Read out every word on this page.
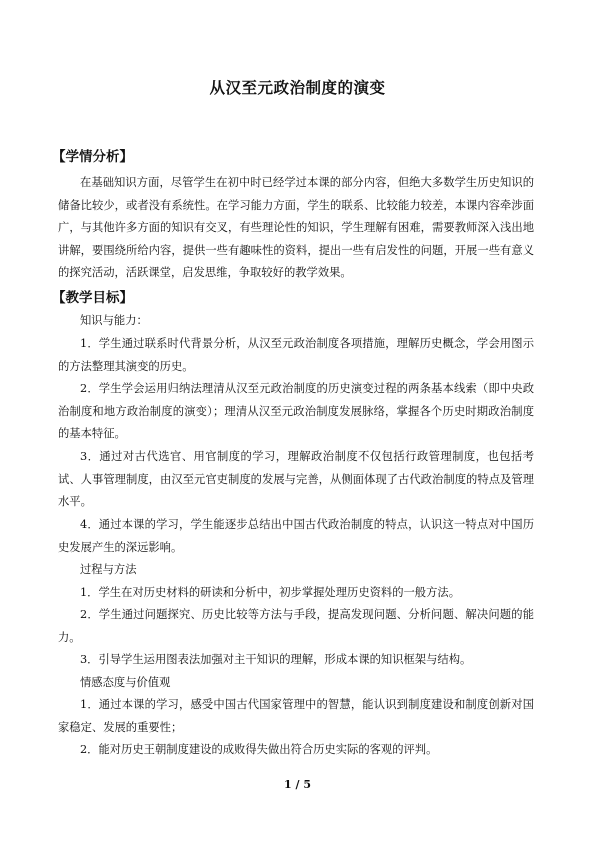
从汉至元政治制度的演变
【学情分析】

在基础知识方面，尽管学生在初中时已经学过本课的部分内容，但绝大多数学生历史知识的储备比较少，或者没有系统性。在学习能力方面，学生的联系、比较能力较差，本课内容牵涉面广，与其他许多方面的知识有交叉，有些理论性的知识，学生理解有困难，需要教师深入浅出地讲解，要围绕所给内容，提供一些有趣味性的资料，提出一些有启发性的问题，开展一些有意义的探究活动，活跃课堂，启发思维，争取较好的教学效果。

【教学目标】

知识与能力：

1．学生通过联系时代背景分析，从汉至元政治制度各项措施，理解历史概念，学会用图示的方法整理其演变的历史。

2．学生学会运用归纳法理清从汉至元政治制度的历史演变过程的两条基本线索（即中央政治制度和地方政治制度的演变）；理清从汉至元政治制度发展脉络，掌握各个历史时期政治制度的基本特征。

3．通过对古代选官、用官制度的学习，理解政治制度不仅包括行政管理制度，也包括考试、人事管理制度，由汉至元官吏制度的发展与完善，从侧面体现了古代政治制度的特点及管理水平。

4．通过本课的学习，学生能逐步总结出中国古代政治制度的特点，认识这一特点对中国历史发展产生的深远影响。

过程与方法

1．学生在对历史材料的研读和分析中，初步掌握处理历史资料的一般方法。

2．学生通过问题探究、历史比较等方法与手段，提高发现问题、分析问题、解决问题的能力。

3．引导学生运用图表法加强对主干知识的理解，形成本课的知识框架与结构。

情感态度与价值观

1．通过本课的学习，感受中国古代国家管理中的智慧，能认识到制度建设和制度创新对国家稳定、发展的重要性；

2．能对历史王朝制度建设的成败得失做出符合历史实际的客观的评判。

1 / 5
